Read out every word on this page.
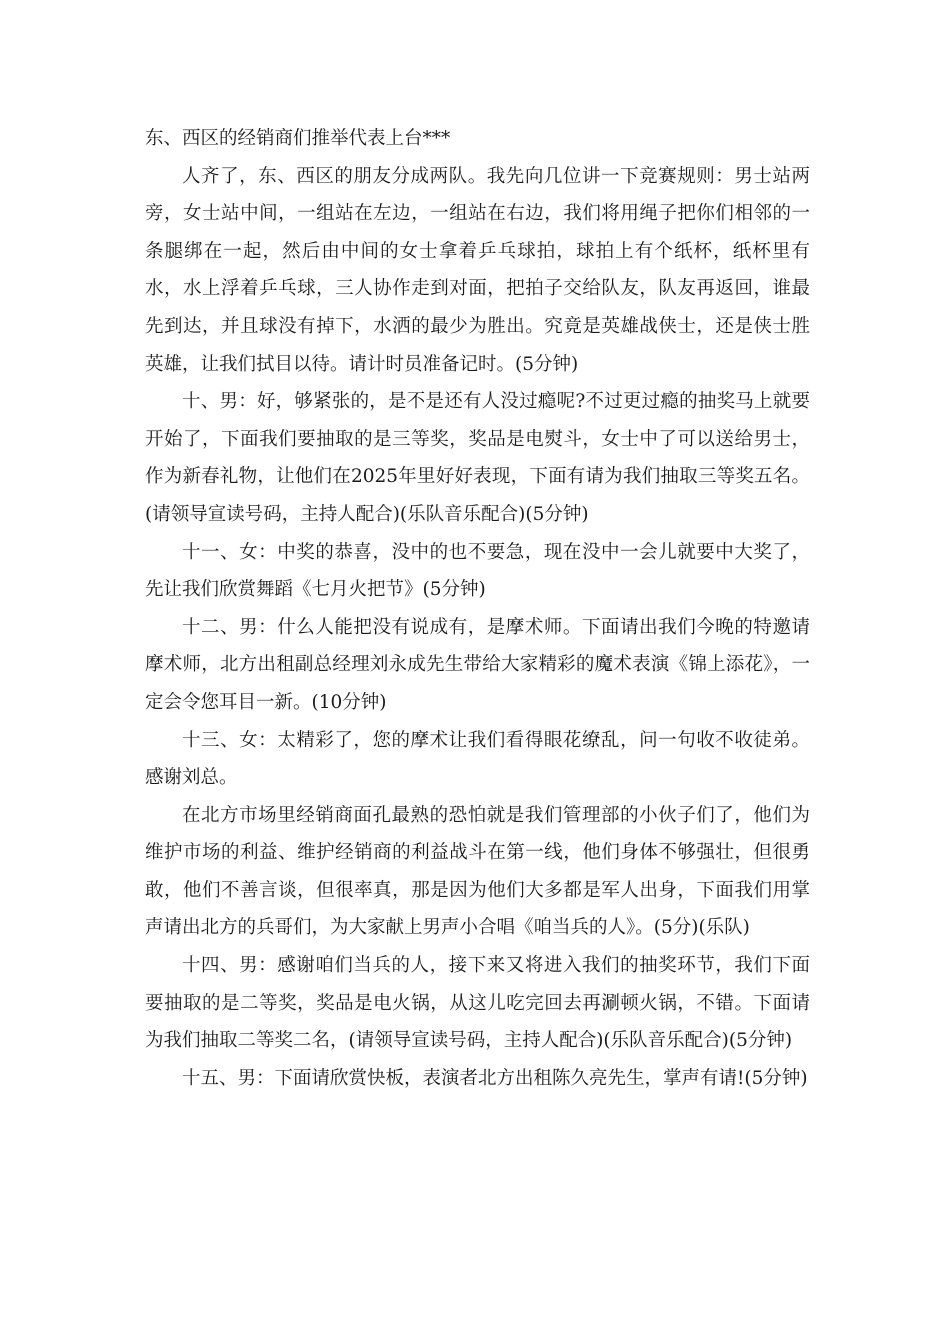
东、西区的经销商们推举代表上台***

人齐了，东、西区的朋友分成两队。我先向几位讲一下竞赛规则：男士站两旁，女士站中间，一组站在左边，一组站在右边，我们将用绳子把你们相邻的一条腿绑在一起，然后由中间的女士拿着乒乓球拍，球拍上有个纸杯，纸杯里有水，水上浮着乒乓球，三人协作走到对面，把拍子交给队友，队友再返回，谁最先到达，并且球没有掉下，水洒的最少为胜出。究竟是英雄战侠士，还是侠士胜英雄，让我们拭目以待。请计时员准备记时。(5分钟)

十、男：好，够紧张的，是不是还有人没过瘾呢?不过更过瘾的抽奖马上就要开始了，下面我们要抽取的是三等奖，奖品是电熨斗，女士中了可以送给男士，作为新春礼物，让他们在2025年里好好表现，下面有请为我们抽取三等奖五名。(请领导宣读号码，主持人配合)(乐队音乐配合)(5分钟)

十一、女：中奖的恭喜，没中的也不要急，现在没中一会儿就要中大奖了，先让我们欣赏舞蹈《七月火把节》(5分钟)

十二、男：什么人能把没有说成有，是摩术师。下面请出我们今晚的特邀请摩术师，北方出租副总经理刘永成先生带给大家精彩的魔术表演《锦上添花》，一定会令您耳目一新。(10分钟)

十三、女：太精彩了，您的摩术让我们看得眼花缭乱，问一句收不收徒弟。感谢刘总。

在北方市场里经销商面孔最熟的恐怕就是我们管理部的小伙子们了，他们为维护市场的利益、维护经销商的利益战斗在第一线，他们身体不够强壮，但很勇敢，他们不善言谈，但很率真，那是因为他们大多都是军人出身，下面我们用掌声请出北方的兵哥们，为大家献上男声小合唱《咱当兵的人》。(5分)(乐队)

十四、男：感谢咱们当兵的人，接下来又将进入我们的抽奖环节，我们下面要抽取的是二等奖，奖品是电火锅，从这儿吃完回去再涮顿火锅，不错。下面请为我们抽取二等奖二名，(请领导宣读号码，主持人配合)(乐队音乐配合)(5分钟)

十五、男：下面请欣赏快板，表演者北方出租陈久亮先生，掌声有请!(5分钟)
